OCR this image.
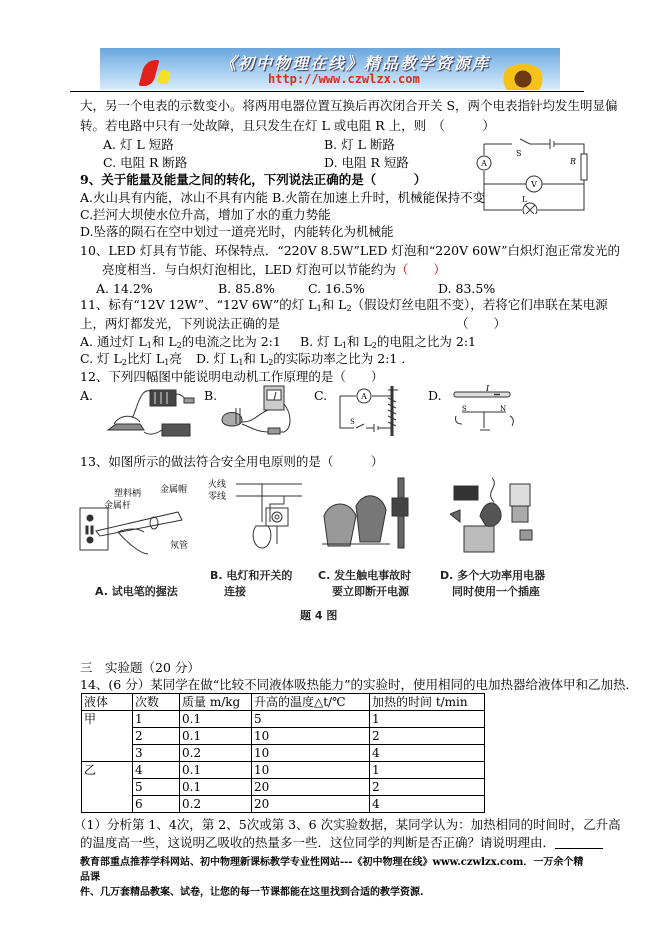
《初中物理在线》精品教学资源库
http://www.czwlzx.com
大，另一个电表的示数变小。将两用电器位置互换后再次闭合开关 S，两个电表指针均发生明显偏
转。若电路中只有一处故障，且只发生在灯 L 或电阻 R 上，则　（　　　）
A. 灯 L 短路	B. 灯 L 断路
C. 电阻 R 断路	D. 电阻 R 短路	A
V
S
R
L
9、关于能量及能量之间的转化，下列说法正确的是（　　　）
A.火山具有内能，冰山不具有内能 B.火箭在加速上升时，机械能保持不变
C.拦河大坝使水位升高，增加了水的重力势能
D.坠落的陨石在空中划过一道亮光时，内能转化为机械能
10、LED 灯具有节能、环保特点．“220V 8.5W”LED 灯泡和“220V 60W”白炽灯泡正常发光的
亮度相当．与白炽灯泡相比，LED 灯泡可以节能约为（　　）
A. 14.2%	B. 85.8%	C. 16.5%	D. 83.5%
11、标有“12V 12W”、“12V 6W”的灯 $L_1$和 $L_2$（假设灯丝电阻不变），若将它们串联在某电源
上，两灯都发光，下列说法正确的是	（　　）
A. 通过灯 $L_1$和 $L_2$的电流之比为 2:1 B. 灯 $L_1$和 $L_2$的电阻之比为 2:1
C. 灯 $L_2$比灯 $L_1$亮 D. 灯 $L_1$和 $L_2$的实际功率之比为 2:1 ．
12、下列四幅图中能说明电动机工作原理的是（　　）
A.	B.	C.	D.
A
S
I
S	N
13、如图所示的做法符合安全用电原则的是（　　　）
塑料柄 金属帽
金属杆
氖管
火线
零线
A. 试电笔的握法
B. 电灯和开关的
连接
C. 发生触电事故时
要立即断开电源
D. 多个大功率用电器
同时使用一个插座
题 4 图
三　实验题（20 分）
14、(6 分）某同学在做“比较不同液体吸热能力”的实验时，使用相同的电加热器给液体甲和乙加热．
液体	次数	质量 m/kg	升高的温度△t/℃	加热的时间 t/min
甲	1	0.1	5	1
	2	0.1	10	2
	3	0.2	10	4
乙	4	0.1	10	1
	5	0.1	20	2
	6	0.2	20	4
（1）分析第 1、4次，第 2、5次或第 3、6 次实验数据，某同学认为：加热相同的时间时，乙升高
的温度高一些，这说明乙吸收的热量多一些．这位同学的判断是否正确？请说明理由．
教育部重点推荐学科网站、初中物理新课标教学专业性网站---《初中物理在线》www.czwlzx.com．一万余个精品课
件、几万套精品教案、试卷，让您的每一节课都能在这里找到合适的教学资源.
